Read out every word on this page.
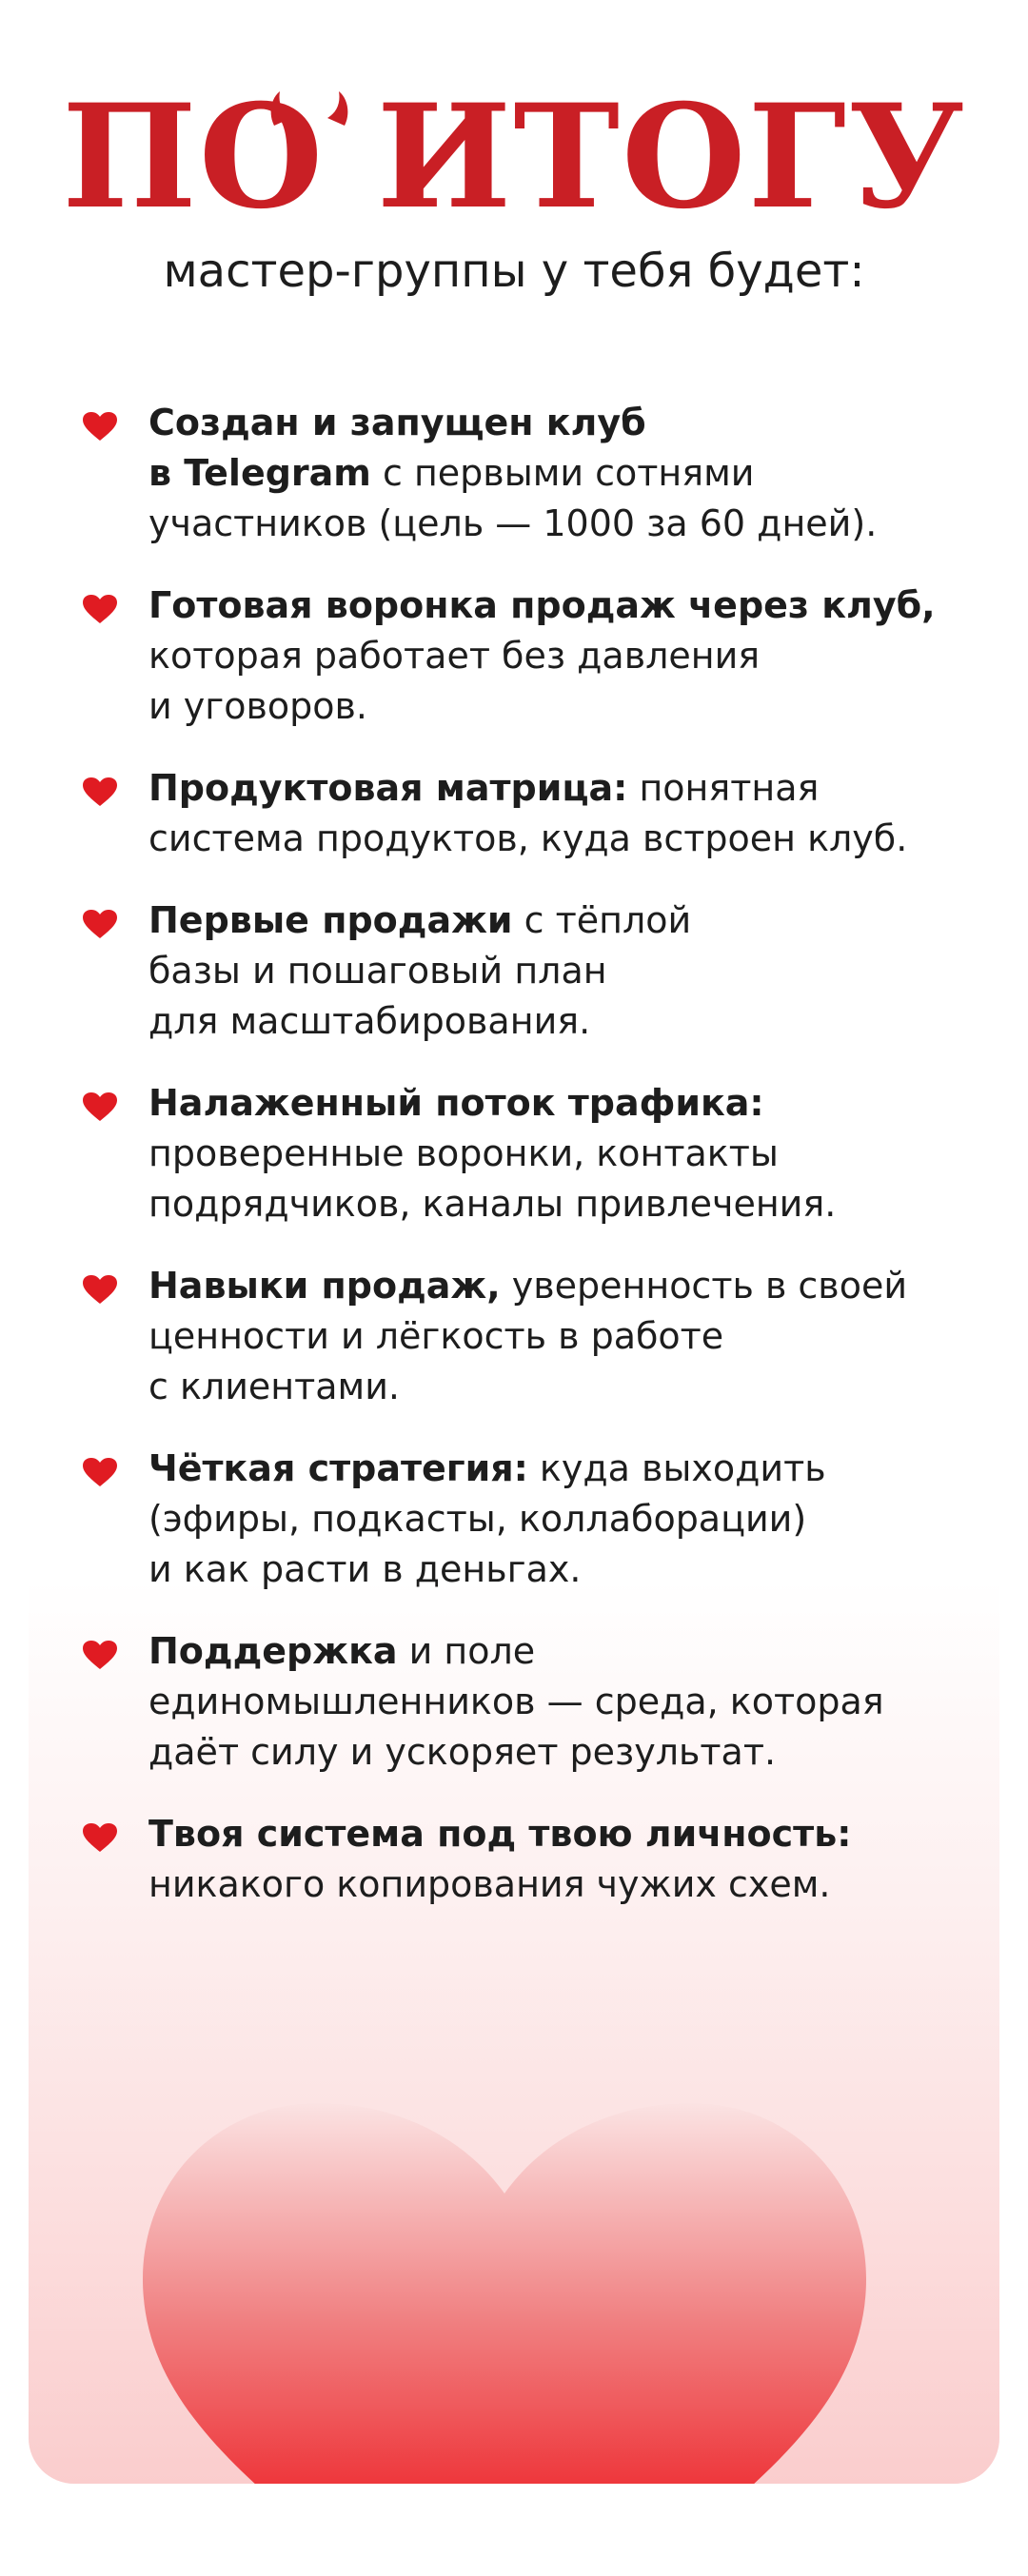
ПО ИТОГУ

мастер-группы у тебя будет:

Создан и запущен клуб
в Telegram с первыми сотнями
участников (цель — 1000 за 60 дней).
Готовая воронка продаж через клуб,
которая работает без давления
и уговоров.
Продуктовая матрица: понятная
система продуктов, куда встроен клуб.
Первые продажи с тёплой
базы и пошаговый план
для масштабирования.
Налаженный поток трафика:
проверенные воронки, контакты
подрядчиков, каналы привлечения.
Навыки продаж, уверенность в своей
ценности и лёгкость в работе
с клиентами.
Чёткая стратегия: куда выходить
(эфиры, подкасты, коллаборации)
и как расти в деньгах.
Поддержка и поле
единомышленников — среда, которая
даёт силу и ускоряет результат.
Твоя система под твою личность:
никакого копирования чужих схем.
